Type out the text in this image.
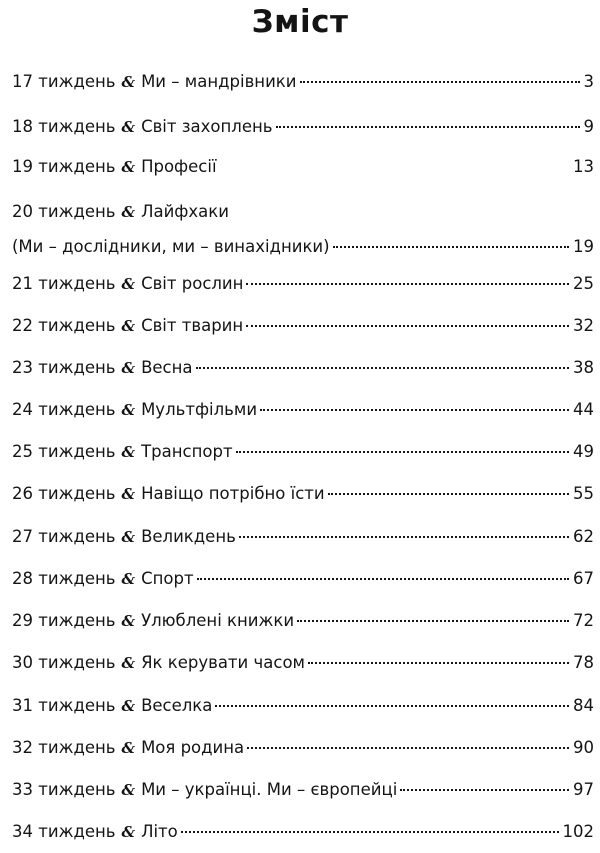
Зміст
17 тиждень & Ми – мандрівники	3
18 тиждень & Світ захоплень	9
19 тиждень & Професії	13
20 тиждень & Лайфхаки
(Ми – дослідники, ми – винахідники)	19
21 тиждень & Світ рослин	25
22 тиждень & Світ тварин	32
23 тиждень & Весна	38
24 тиждень & Мультфільми	44
25 тиждень & Транспорт	49
26 тиждень & Навіщо потрібно їсти	55
27 тиждень & Великдень	62
28 тиждень & Спорт	67
29 тиждень & Улюблені книжки	72
30 тиждень & Як керувати часом	78
31 тиждень & Веселка	84
32 тиждень & Моя родина	90
33 тиждень & Ми – українці. Ми – європейці	97
34 тиждень & Літо	102
